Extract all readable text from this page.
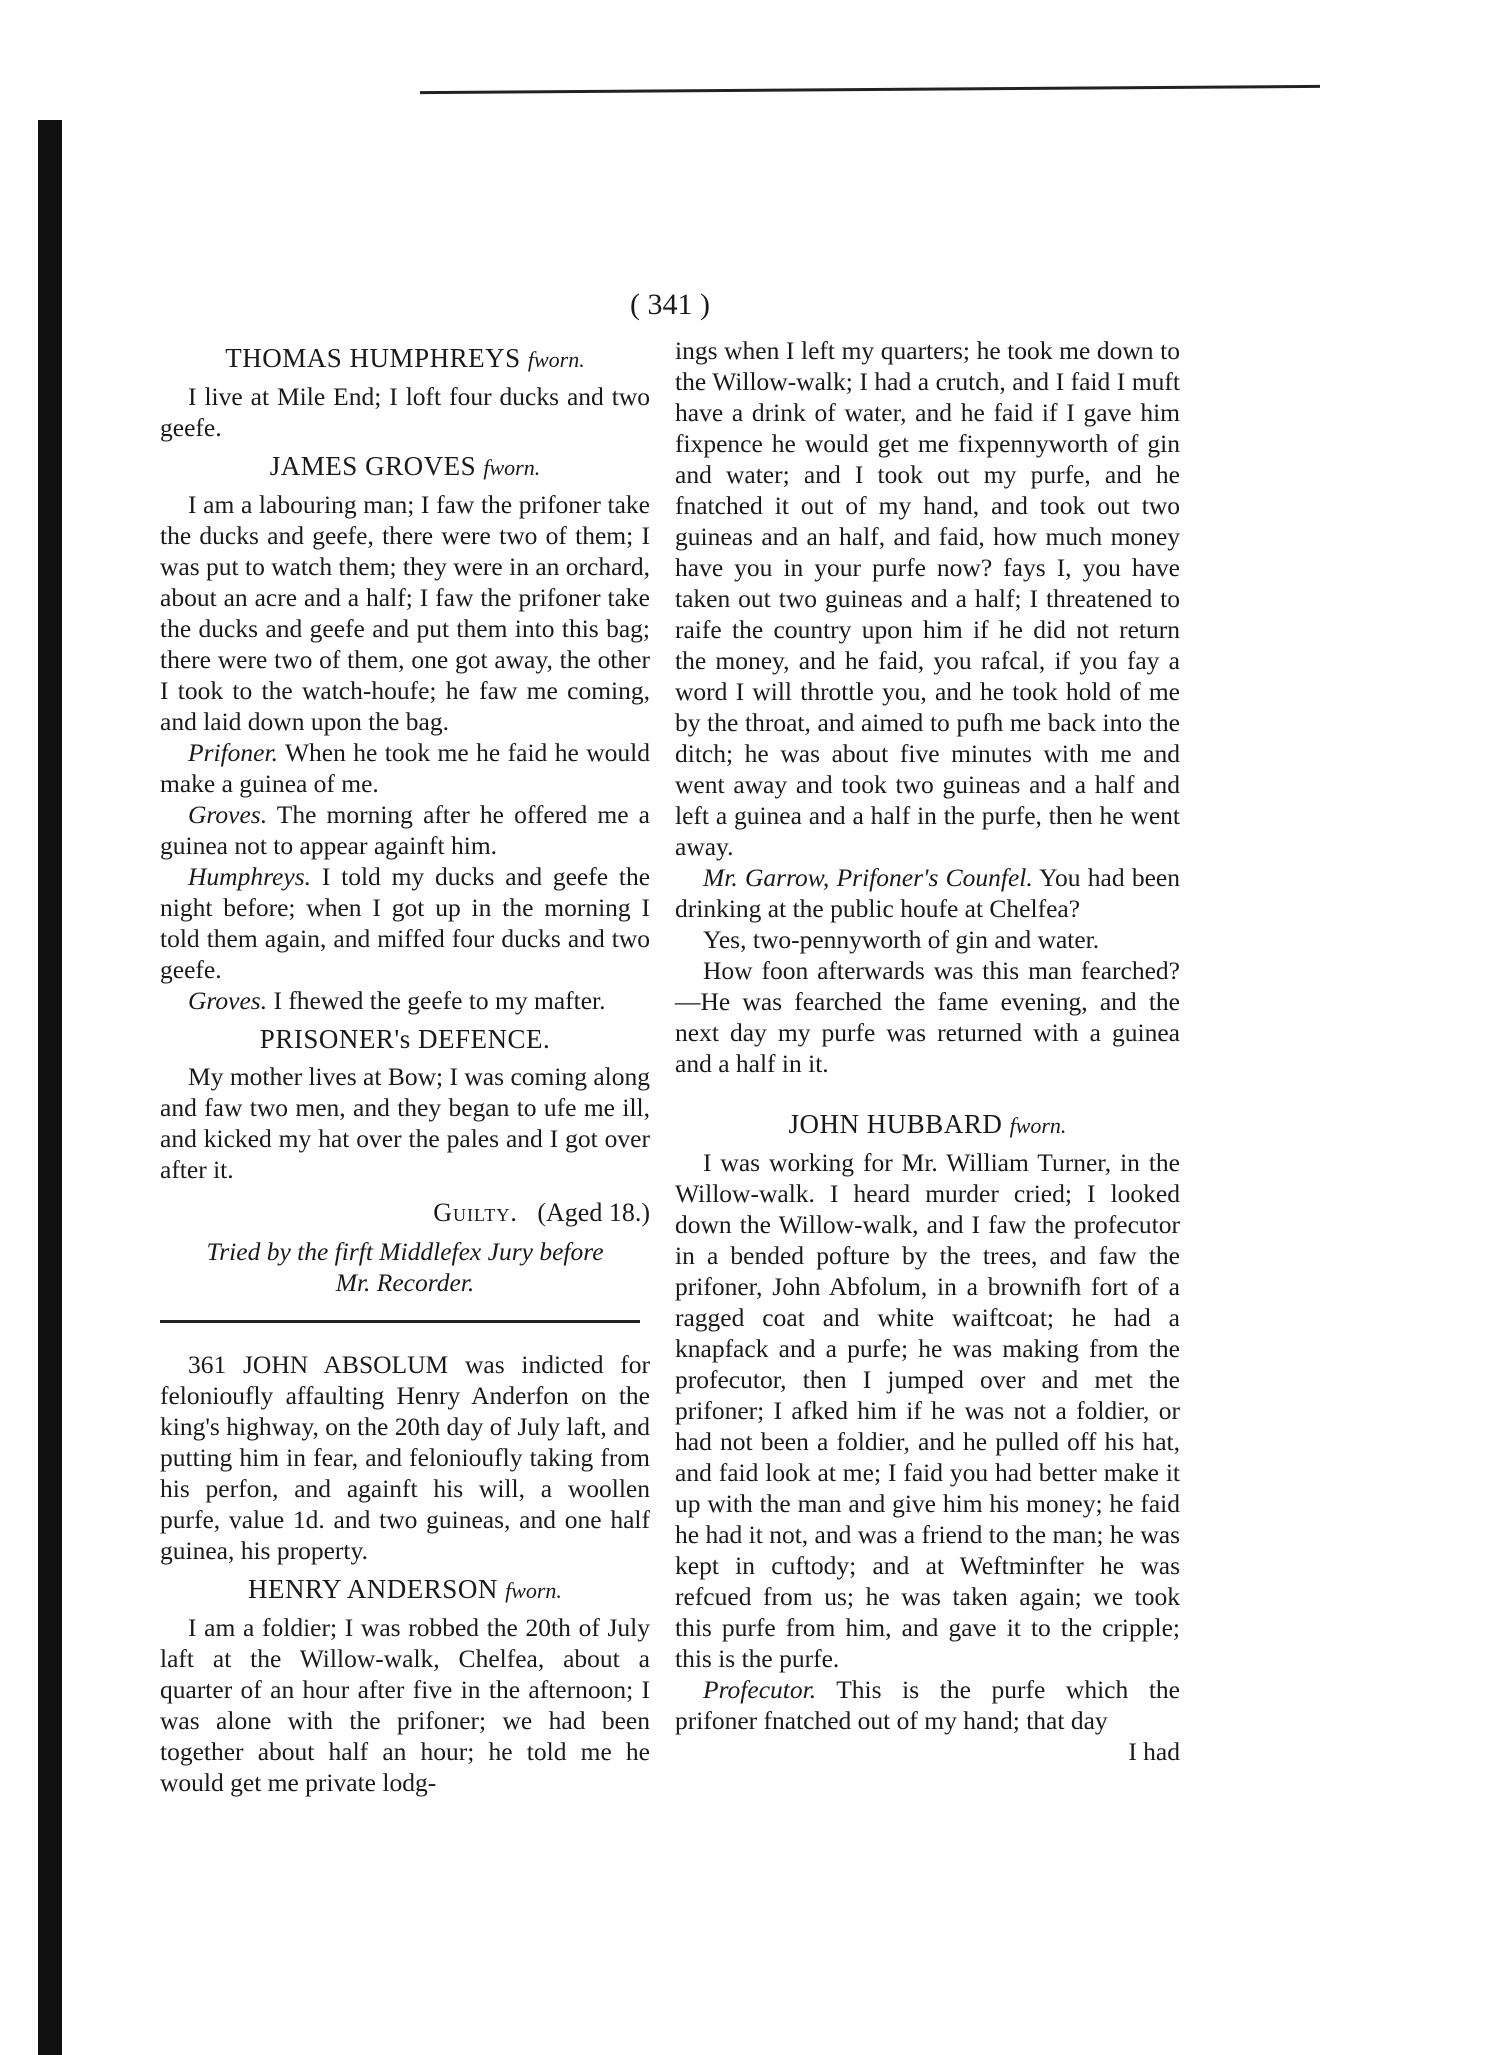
( 341 )
THOMAS HUMPHREYS fworn.

I live at Mile End; I loft four ducks and two geefe.

JAMES GROVES fworn.

I am a labouring man; I faw the prifoner take the ducks and geefe, there were two of them; I was put to watch them; they were in an orchard, about an acre and a half; I faw the prifoner take the ducks and geefe and put them into this bag; there were two of them, one got away, the other I took to the watch-houfe; he faw me coming, and laid down upon the bag.

Prifoner. When he took me he faid he would make a guinea of me.

Groves. The morning after he offered me a guinea not to appear againft him.

Humphreys. I told my ducks and geefe the night before; when I got up in the morning I told them again, and miffed four ducks and two geefe.

Groves. I fhewed the geefe to my mafter.

PRISONER's DEFENCE.

My mother lives at Bow; I was coming along and faw two men, and they began to ufe me ill, and kicked my hat over the pales and I got over after it.

Guilty. (Aged 18.)
Tried by the firft Middlefex Jury before
Mr. Recorder.

361 JOHN ABSOLUM was indicted for felonioufly affaulting Henry Anderfon on the king's highway, on the 20th day of July laft, and putting him in fear, and felonioufly taking from his perfon, and againft his will, a woollen purfe, value 1d. and two guineas, and one half guinea, his property.

HENRY ANDERSON fworn.

I am a foldier; I was robbed the 20th of July laft at the Willow-walk, Chelfea, about a quarter of an hour after five in the afternoon; I was alone with the prifoner; we had been together about half an hour; he told me he would get me private lodg-

ings when I left my quarters; he took me down to the Willow-walk; I had a crutch, and I faid I muft have a drink of water, and he faid if I gave him fixpence he would get me fixpennyworth of gin and water; and I took out my purfe, and he fnatched it out of my hand, and took out two guineas and an half, and faid, how much money have you in your purfe now? fays I, you have taken out two guineas and a half; I threatened to raife the country upon him if he did not return the money, and he faid, you rafcal, if you fay a word I will throttle you, and he took hold of me by the throat, and aimed to pufh me back into the ditch; he was about five minutes with me and went away and took two guineas and a half and left a guinea and a half in the purfe, then he went away.

Mr. Garrow, Prifoner's Counfel. You had been drinking at the public houfe at Chelfea?

Yes, two-pennyworth of gin and water.

How foon afterwards was this man fearched?—He was fearched the fame evening, and the next day my purfe was returned with a guinea and a half in it.

JOHN HUBBARD fworn.

I was working for Mr. William Turner, in the Willow-walk. I heard murder cried; I looked down the Willow-walk, and I faw the profecutor in a bended pofture by the trees, and faw the prifoner, John Abfolum, in a brownifh fort of a ragged coat and white waiftcoat; he had a knapfack and a purfe; he was making from the profecutor, then I jumped over and met the prifoner; I afked him if he was not a foldier, or had not been a foldier, and he pulled off his hat, and faid look at me; I faid you had better make it up with the man and give him his money; he faid he had it not, and was a friend to the man; he was kept in cuftody; and at Weftminfter he was refcued from us; he was taken again; we took this purfe from him, and gave it to the cripple; this is the purfe.

Profecutor. This is the purfe which the prifoner fnatched out of my hand; that day

I had
